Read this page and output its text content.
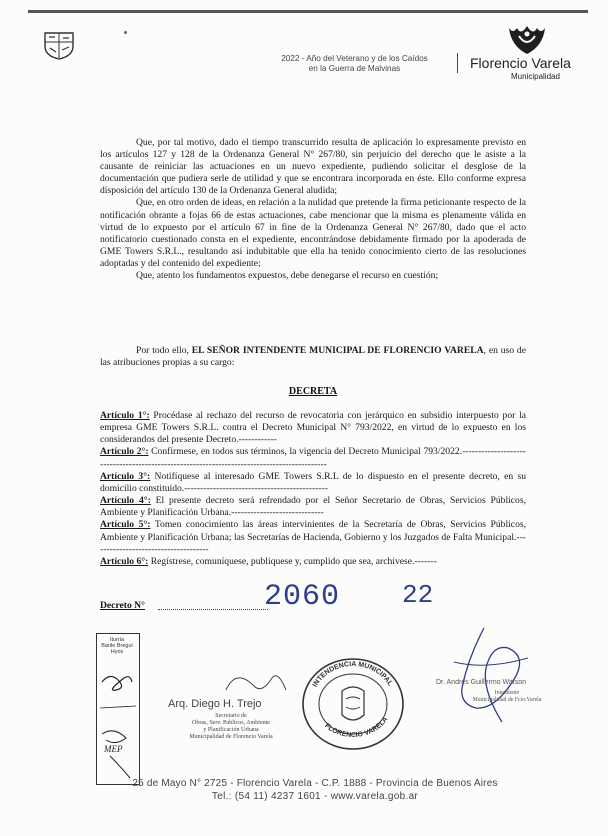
2022 - Año del Veterano y de los Caídos
en la Guerra de Malvinas	Florencio Varela
Municipalidad

Que, por tal motivo, dado el tiempo transcurrido resulta de aplicación lo expresamente previsto en los artículos 127 y 128 de la Ordenanza General N° 267/80, sin perjuicio del derecho que le asiste a la causante de reiniciar las actuaciones en un nuevo expediente, pudiendo solicitar el desglose de la documentación que pudiera serle de utilidad y que se encontrara incorporada en éste. Ello conforme expresa disposición del artículo 130 de la Ordenanza General aludida;

Que, en otro orden de ideas, en relación a la nulidad que pretende la firma peticionante respecto de la notificación obrante a fojas 66 de estas actuaciones, cabe mencionar que la misma es plenamente válida en virtud de lo expuesto por el artículo 67 in fine de la Ordenanza General N° 267/80, dado que el acto notificatorio cuestionado consta en el expediente, encontrándose debidamente firmado por la apoderada de GME Towers S.R.L., resultando así indubitable que ella ha tenido conocimiento cierto de las resoluciones adoptadas y del contenido del expediente;

Que, atento los fundamentos expuestos, debe denegarse el recurso en cuestión;

Por todo ello, EL SEÑOR INTENDENTE MUNICIPAL DE FLORENCIO VARELA, en uso de las atribuciones propias a su cargo:

DECRETA
Artículo 1°: Procédase al rechazo del recurso de revocatoria con jerárquico en subsidio interpuesto por la empresa GME Towers S.R.L. contra el Decreto Municipal N° 793/2022, en virtud de lo expuesto en los considerandos del presente Decreto.------------
Artículo 2°: Confírmese, en todos sus términos, la vigencia del Decreto Municipal 793/2022.-------------------------------------------------------------------------------------------
Artículo 3°: Notifíquese al interesado GME Towers S.R.L de lo dispuesto en el presente decreto, en su domicilio constituido.---------------------------------------------
Artículo 4°: El presente decreto será refrendado por el Señor Secretario de Obras, Servicios Públicos, Ambiente y Planificación Urbana.-----------------------------
Artículo 5°: Tomen conocimiento las áreas intervinientes de la Secretaría de Obras, Servicios Públicos, Ambiente y Planificación Urbana; las Secretarías de Hacienda, Gobierno y los Juzgados de Falta Municipal.-------------------------------------
Artículo 6°: Regístrese, comuníquese, publíquese y, cumplido que sea, archívese.-------
Decreto N°	2060 22
Iturria
Barile Bregui
Hyos
MEP
Arq. Diego H. Trejo
Secretario de
Obras, Serv. Publicos, Ambiente
y Planificación Urbana
Municipalidad de Florencio Varela
INTENDENCIA MUNICIPAL
FLORENCIO VARELA
Dr. Andrés Guillermo Watson
Intendente
Municipalidad de Fcio.Varela
25 de Mayo N° 2725 - Florencio Varela - C.P. 1888 - Provincia de Buenos Aires
Tel.: (54 11) 4237 1601 - www.varela.gob.ar
